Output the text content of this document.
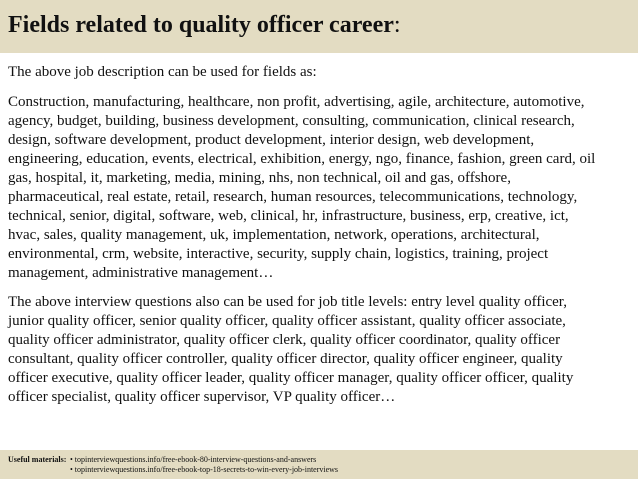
Fields related to quality officer career:
The above job description can be used for fields as:
Construction, manufacturing, healthcare, non profit, advertising, agile, architecture, automotive,
agency, budget, building, business development, consulting, communication, clinical research,
design, software development, product development, interior design, web development,
engineering, education, events, electrical, exhibition, energy, ngo, finance, fashion, green card, oil
gas, hospital, it, marketing, media, mining, nhs, non technical, oil and gas, offshore,
pharmaceutical, real estate, retail, research, human resources, telecommunications, technology,
technical, senior, digital, software, web, clinical, hr, infrastructure, business, erp, creative, ict,
hvac, sales, quality management, uk, implementation, network, operations, architectural,
environmental, crm, website, interactive, security, supply chain, logistics, training, project
management, administrative management…
The above interview questions also can be used for job title levels: entry level quality officer,
junior quality officer, senior quality officer, quality officer assistant, quality officer associate,
quality officer administrator, quality officer clerk, quality officer coordinator, quality officer
consultant, quality officer controller, quality officer director, quality officer engineer, quality
officer executive, quality officer leader, quality officer manager, quality officer officer, quality
officer specialist, quality officer supervisor, VP quality officer…
Useful materials: • topinterviewquestions.info/free-ebook-80-interview-questions-and-answers
• topinterviewquestions.info/free-ebook-top-18-secrets-to-win-every-job-interviews
